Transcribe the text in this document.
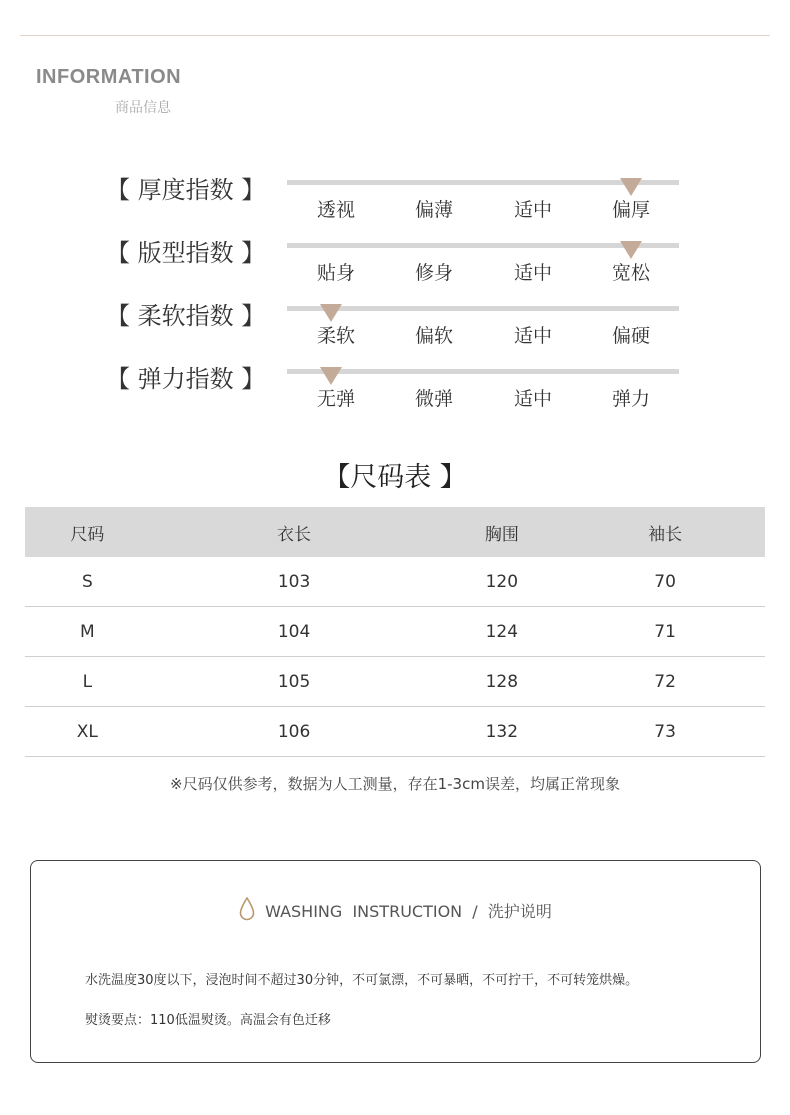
INFORMATION
商品信息
【 厚度指数 】
透视	偏薄	适中	偏厚
【 版型指数 】
贴身	修身	适中	宽松
【 柔软指数 】
柔软	偏软	适中	偏硬
【 弹力指数 】
无弹	微弹	适中	弹力
【尺码表 】
尺码	衣长	胸围	袖长
S	103	120	70
M	104	124	71
L	105	128	72
XL	106	132	73
※尺码仅供参考，数据为人工测量，存在1-3cm误差，均属正常现象
WASHING  INSTRUCTION  /  洗护说明
水洗温度30度以下，浸泡时间不超过30分钟，不可氯漂，不可暴晒，不可拧干，不可转笼烘燥。
熨烫要点：110低温熨烫。高温会有色迁移
